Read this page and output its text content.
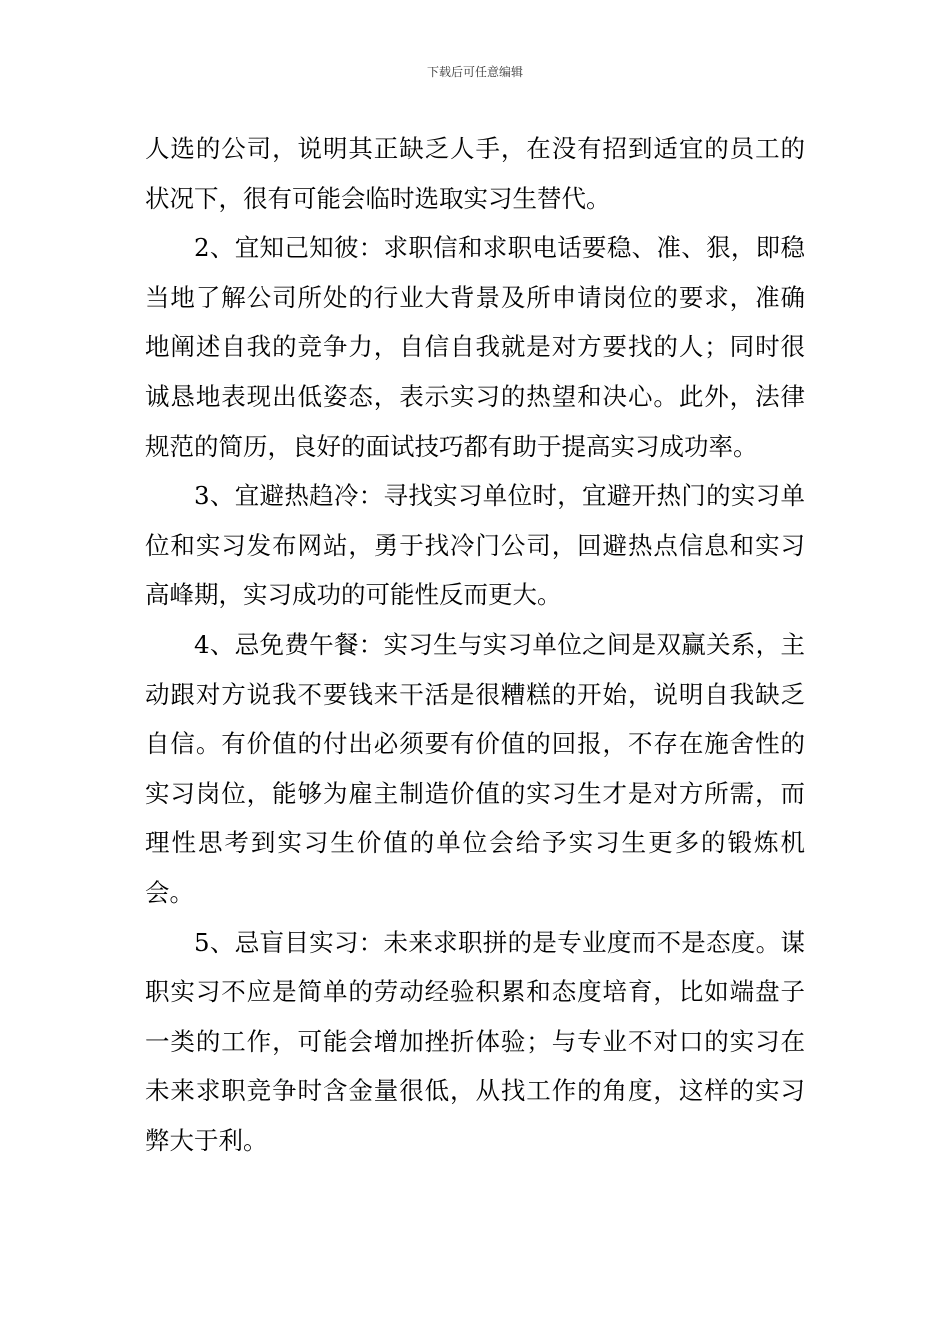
下载后可任意编辑

人选的公司，说明其正缺乏人手，在没有招到适宜的员工的状况下，很有可能会临时选取实习生替代。

2、宜知己知彼：求职信和求职电话要稳、准、狠，即稳当地了解公司所处的行业大背景及所申请岗位的要求，准确地阐述自我的竞争力，自信自我就是对方要找的人；同时很诚恳地表现出低姿态，表示实习的热望和决心。此外，法律规范的简历，良好的面试技巧都有助于提高实习成功率。

3、宜避热趋冷：寻找实习单位时，宜避开热门的实习单位和实习发布网站，勇于找冷门公司，回避热点信息和实习高峰期，实习成功的可能性反而更大。

4、忌免费午餐：实习生与实习单位之间是双赢关系，主动跟对方说我不要钱来干活是很糟糕的开始，说明自我缺乏自信。有价值的付出必须要有价值的回报，不存在施舍性的实习岗位，能够为雇主制造价值的实习生才是对方所需，而理性思考到实习生价值的单位会给予实习生更多的锻炼机会。

5、忌盲目实习：未来求职拼的是专业度而不是态度。谋职实习不应是简单的劳动经验积累和态度培育，比如端盘子一类的工作，可能会增加挫折体验；与专业不对口的实习在未来求职竞争时含金量很低，从找工作的角度，这样的实习弊大于利。
